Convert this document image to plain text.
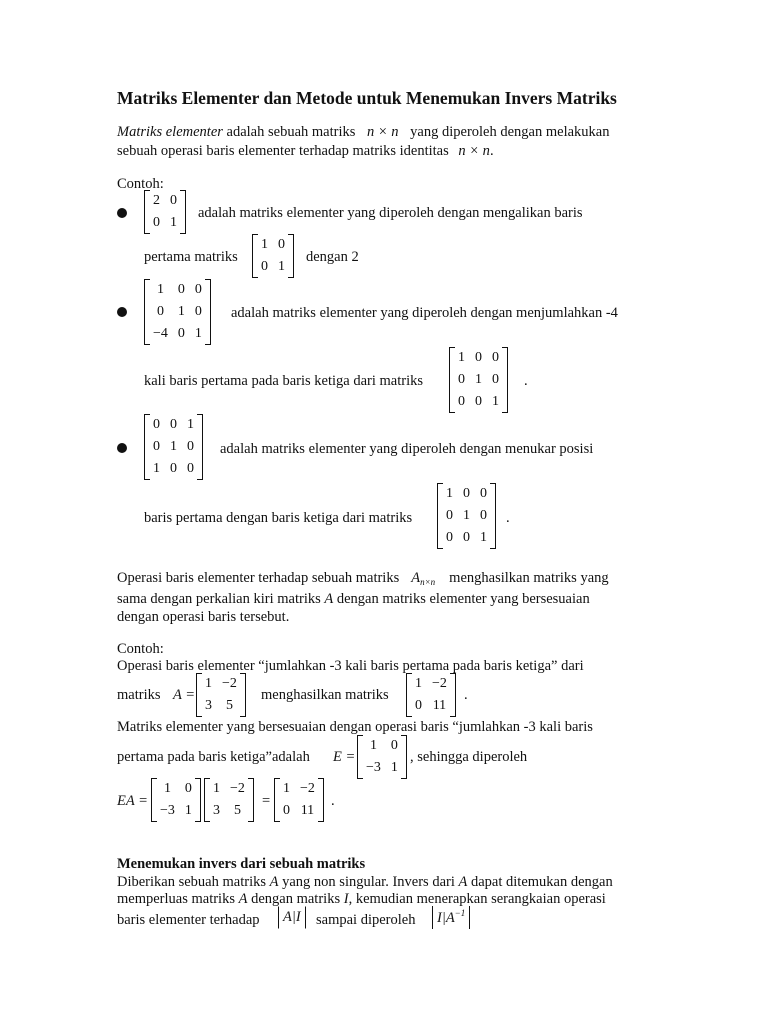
Matriks Elementer dan Metode untuk Menemukan Invers Matriks
Matriks elementer adalah sebuah matriks n × n yang diperoleh dengan melakukan
sebuah operasi baris elementer terhadap matriks identitas n × n.
Contoh:
2	0
0	1
adalah matriks elementer yang diperoleh dengan mengalikan baris
pertama matriks
1	0
0	1
dengan 2
1	0	0
0	1	0
−4	0	1
adalah matriks elementer yang diperoleh dengan menjumlahkan -4
kali baris pertama pada baris ketiga dari matriks
1	0	0
0	1	0
0	0	1
.
0	0	1
0	1	0
1	0	0
adalah matriks elementer yang diperoleh dengan menukar posisi
baris pertama dengan baris ketiga dari matriks
1	0	0
0	1	0
0	0	1
.
Operasi baris elementer terhadap sebuah matriks $A_{n\times n}$ menghasilkan matriks yang
sama dengan perkalian kiri matriks A dengan matriks elementer yang bersesuaian
dengan operasi baris tersebut.
Contoh:
Operasi baris elementer “jumlahkan -3 kali baris pertama pada baris ketiga” dari
matriks A =
1	−2
3	5
menghasilkan matriks
1	−2
0	11
.
Matriks elementer yang bersesuaian dengan operasi baris “jumlahkan -3 kali baris
pertama pada baris ketiga”adalah E =
1	0
−3	1
, sehingga diperoleh
EA =
1	0
−3	1
1	−2
3	5
=
1	−2
0	11
.
Menemukan invers dari sebuah matriks
Diberikan sebuah matriks A yang non singular. Invers dari A dapat ditemukan dengan
memperluas matriks A dengan matriks I, kemudian menerapkan serangkaian operasi
baris elementer terhadap	A|I	sampai diperoleh	$I|A^{-1}$
